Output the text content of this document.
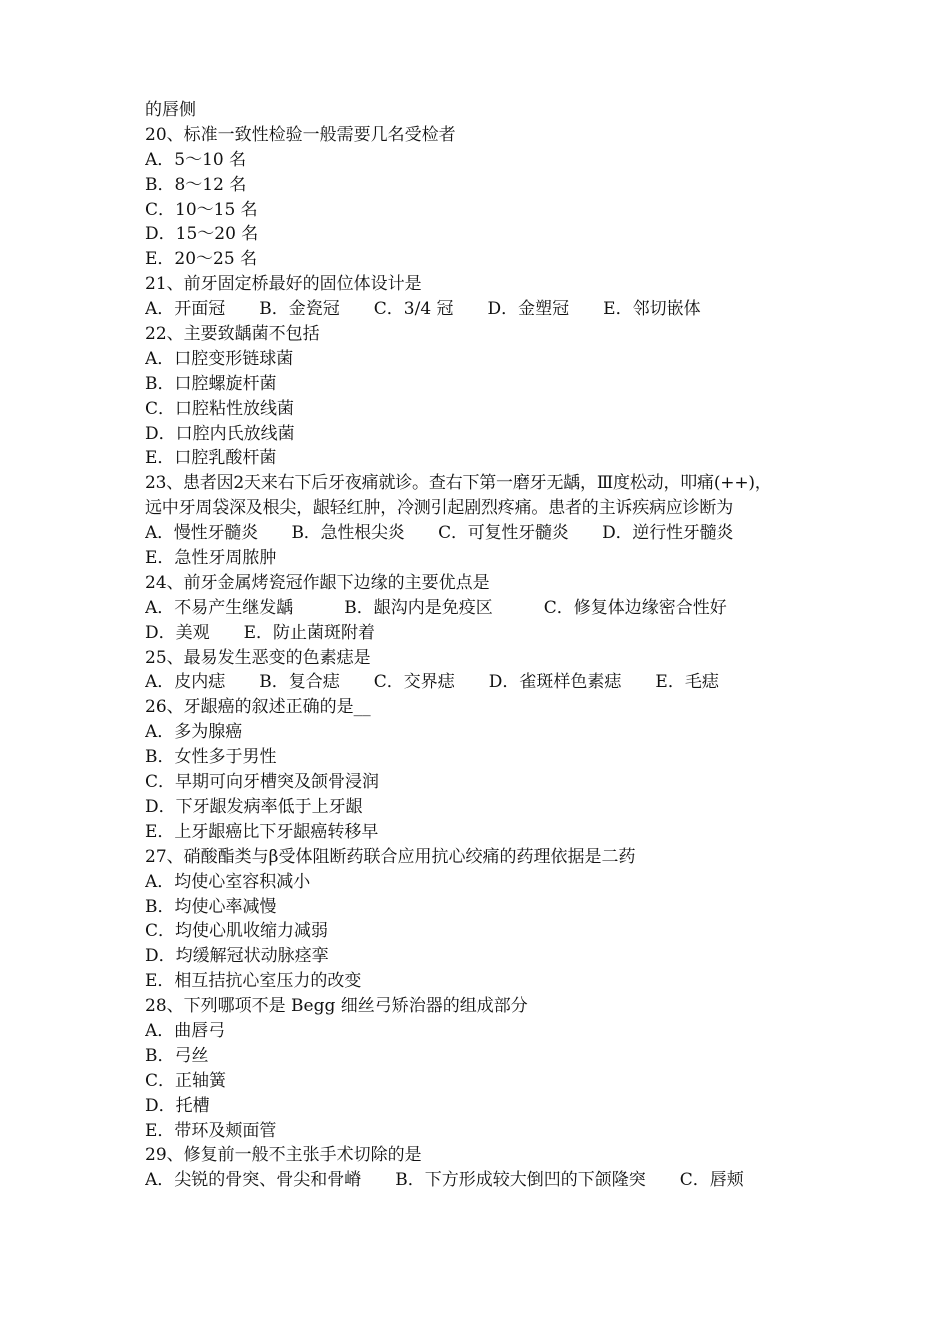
的唇侧
20、标准一致性检验一般需要几名受检者
A．5～10 名
B．8～12 名
C．10～15 名
D．15～20 名
E．20～25 名
21、前牙固定桥最好的固位体设计是
A．开面冠　　B．金瓷冠　　C．3/4 冠　　D．金塑冠　　E．邻切嵌体
22、主要致龋菌不包括
A．口腔变形链球菌
B．口腔螺旋杆菌
C．口腔粘性放线菌
D．口腔内氏放线菌
E．口腔乳酸杆菌
23、患者因2天来右下后牙夜痛就诊。查右下第一磨牙无龋，Ⅲ度松动，叩痛(++)，
远中牙周袋深及根尖，龈轻红肿，冷测引起剧烈疼痛。患者的主诉疾病应诊断为
A．慢性牙髓炎　　B．急性根尖炎　　C．可复性牙髓炎　　D．逆行性牙髓炎
E．急性牙周脓肿
24、前牙金属烤瓷冠作龈下边缘的主要优点是
A．不易产生继发龋　　　B．龈沟内是免疫区　　　C．修复体边缘密合性好
D．美观　　E．防止菌斑附着
25、最易发生恶变的色素痣是
A．皮内痣　　B．复合痣　　C．交界痣　　D．雀斑样色素痣　　E．毛痣
26、牙龈癌的叙述正确的是__
A．多为腺癌
B．女性多于男性
C．早期可向牙槽突及颌骨浸润
D．下牙龈发病率低于上牙龈
E．上牙龈癌比下牙龈癌转移早
27、硝酸酯类与β受体阻断药联合应用抗心绞痛的药理依据是二药
A．均使心室容积减小
B．均使心率减慢
C．均使心肌收缩力减弱
D．均缓解冠状动脉痉挛
E．相互拮抗心室压力的改变
28、下列哪项不是 Begg 细丝弓矫治器的组成部分
A．曲唇弓
B．弓丝
C．正轴簧
D．托槽
E．带环及颊面管
29、修复前一般不主张手术切除的是
A．尖锐的骨突、骨尖和骨嵴　　B．下方形成较大倒凹的下颌隆突　　C．唇颊
